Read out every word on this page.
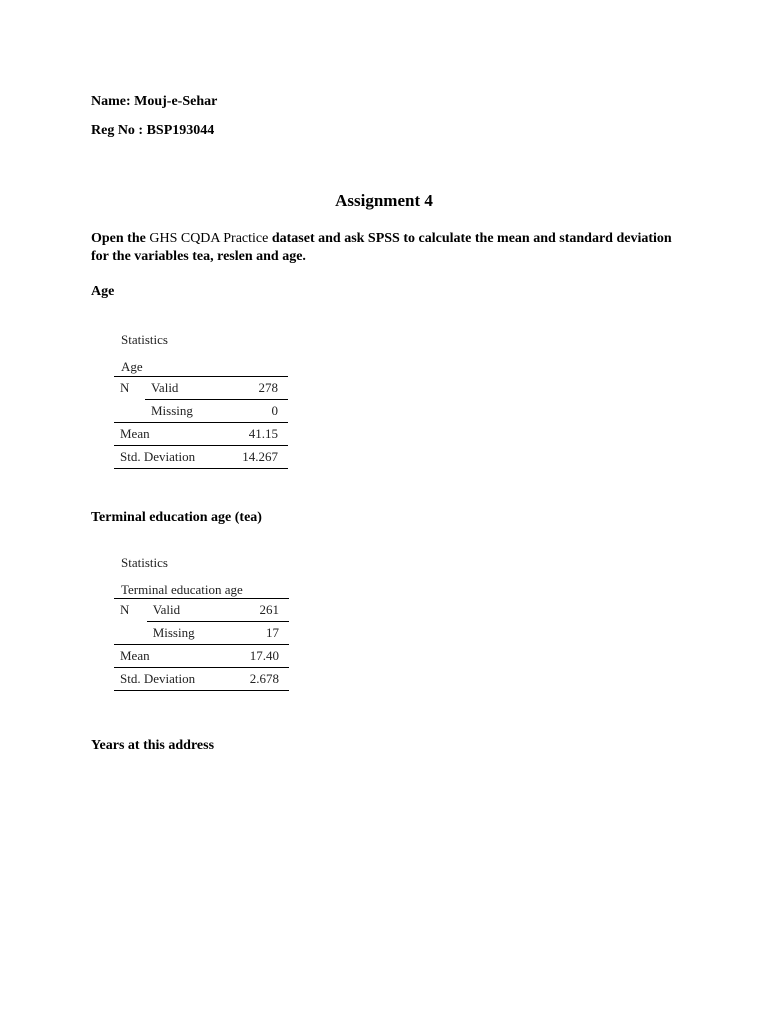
Name: Mouj-e-Sehar
Reg No : BSP193044
Assignment 4
Open the GHS CQDA Practice dataset and ask SPSS to calculate the mean and standard deviation for the variables tea, reslen and age.
Age
Statistics
Age
N	Valid	278
	Missing	0
Mean		41.15
Std. Deviation		14.267
Terminal education age (tea)
Statistics
Terminal education age
N	Valid	261
	Missing	17
Mean		17.40
Std. Deviation		2.678
Years at this address
